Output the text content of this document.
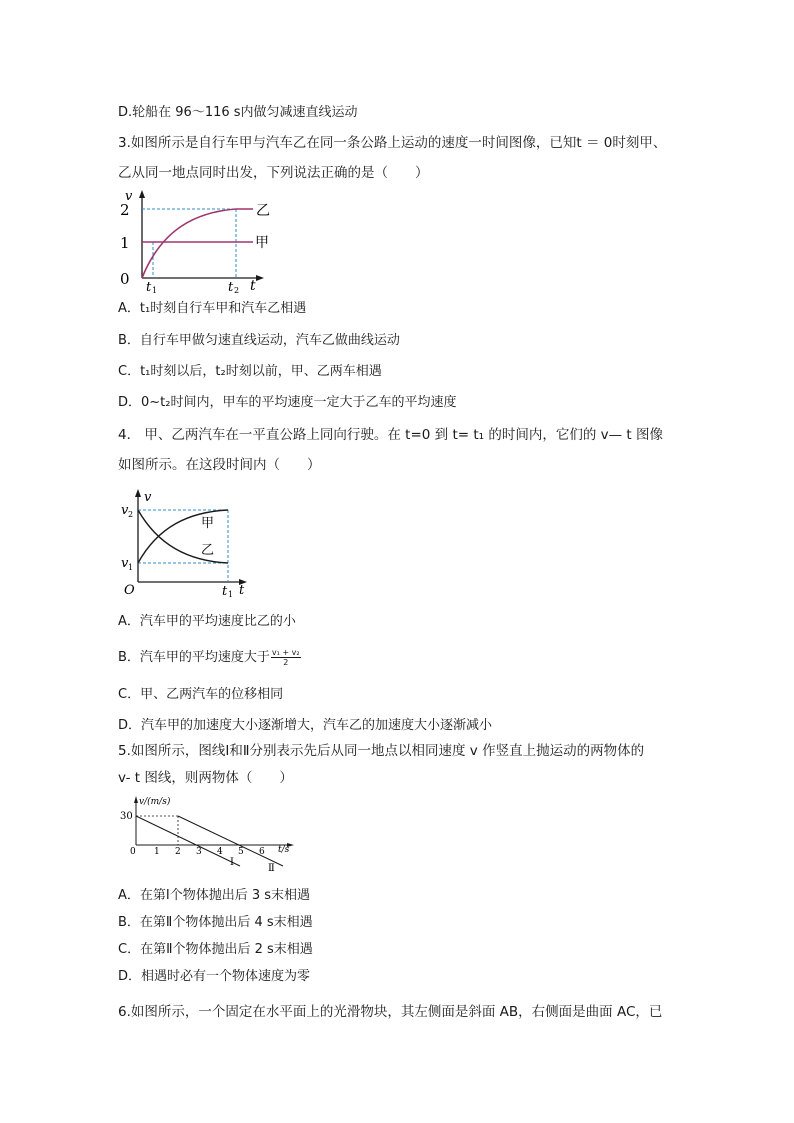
D.轮船在 96～116 s内做匀减速直线运动
3.如图所示是自行车甲与汽车乙在同一条公路上运动的速度一时间图像，已知t ＝ 0时刻甲、
乙从同一地点同时出发，下列说法正确的是（　　）
v
2
1
0 t 1	t 2 t
乙
甲
A．t₁时刻自行车甲和汽车乙相遇
B．自行车甲做匀速直线运动，汽车乙做曲线运动
C．t₁时刻以后，t₂时刻以前，甲、乙两车相遇
D．0~t₂时间内，甲车的平均速度一定大于乙车的平均速度
4． 甲、乙两汽车在一平直公路上同向行驶。在 t=0 到 t= t₁ 的时间内，它们的 v— t 图像
如图所示。在这段时间内（　　）
v
v 2
v 1
O	t 1 t
甲
乙
A．汽车甲的平均速度比乙的小
B．汽车甲的平均速度大于 $\frac{\text{v₁ + v₂}}{2}$
C．甲、乙两汽车的位移相同
D．汽车甲的加速度大小逐渐增大，汽车乙的加速度大小逐渐减小
5.如图所示，图线Ⅰ和Ⅱ分别表示先后从同一地点以相同速度 v 作竖直上抛运动的两物体的
v- t 图线，则两物体（　　）
30
0 1 2 3 4 5 6
v/(m/s)
t/s
Ⅰ
Ⅱ
A．在第Ⅰ个物体抛出后 3 s末相遇
B．在第Ⅱ个物体抛出后 4 s末相遇
C．在第Ⅱ个物体抛出后 2 s末相遇
D．相遇时必有一个物体速度为零
6.如图所示，一个固定在水平面上的光滑物块，其左侧面是斜面 AB，右侧面是曲面 AC，已
